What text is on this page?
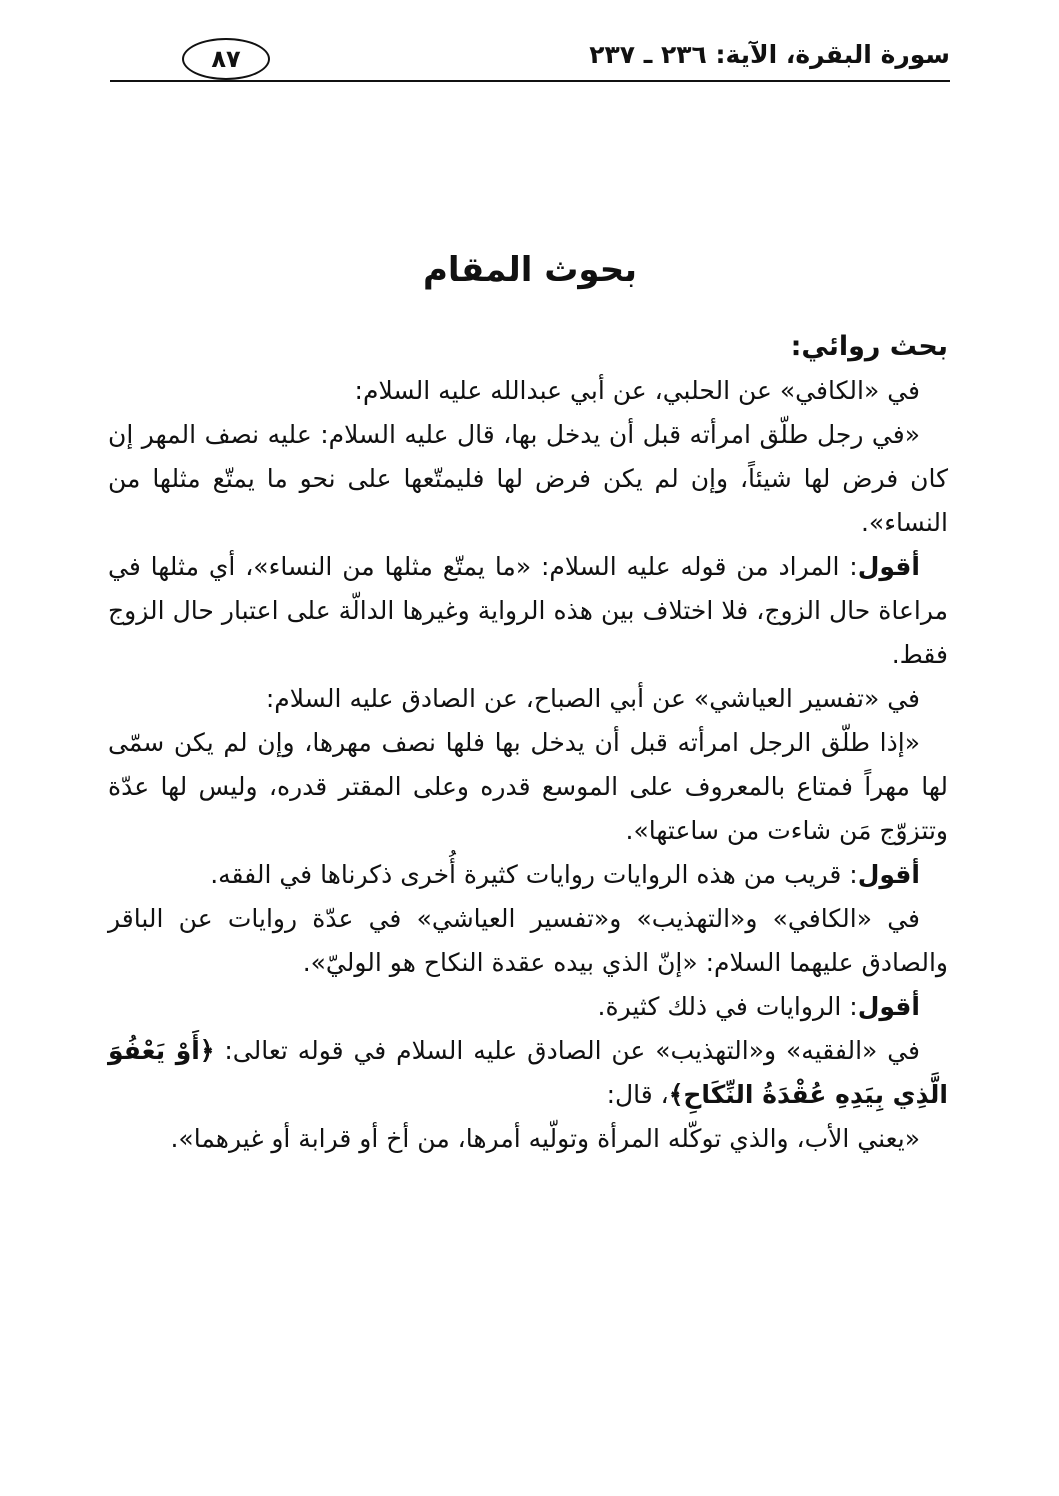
سورة البقرة، الآية: ٢٣٦ ـ ٢٣٧
٨٧
بحوث المقام

بحث روائي:

في «الكافي» عن الحلبي، عن أبي عبدالله عليه السلام:

«في رجل طلّق امرأته قبل أن يدخل بها، قال عليه السلام: عليه نصف المهر إن كان فرض لها شيئاً، وإن لم يكن فرض لها فليمتّعها على نحو ما يمتّع مثلها من النساء».

أقول: المراد من قوله عليه السلام: «ما يمتّع مثلها من النساء»، أي مثلها في مراعاة حال الزوج، فلا اختلاف بين هذه الرواية وغيرها الدالّة على اعتبار حال الزوج فقط.

في «تفسير العياشي» عن أبي الصباح، عن الصادق عليه السلام:

«إذا طلّق الرجل امرأته قبل أن يدخل بها فلها نصف مهرها، وإن لم يكن سمّى لها مهراً فمتاع بالمعروف على الموسع قدره وعلى المقتر قدره، وليس لها عدّة وتتزوّج مَن شاءت من ساعتها».

أقول: قريب من هذه الروايات روايات كثيرة أُخرى ذكرناها في الفقه.

في «الكافي» و«التهذيب» و«تفسير العياشي» في عدّة روايات عن الباقر والصادق عليهما السلام: «إنّ الذي بيده عقدة النكاح هو الوليّ».

أقول: الروايات في ذلك كثيرة.

في «الفقيه» و«التهذيب» عن الصادق عليه السلام في قوله تعالى: ﴿أَوْ يَعْفُوَ الَّذِي بِيَدِهِ عُقْدَةُ النِّكَاحِ﴾، قال:

«يعني الأب، والذي توكّله المرأة وتولّيه أمرها، من أخ أو قرابة أو غيرهما».
